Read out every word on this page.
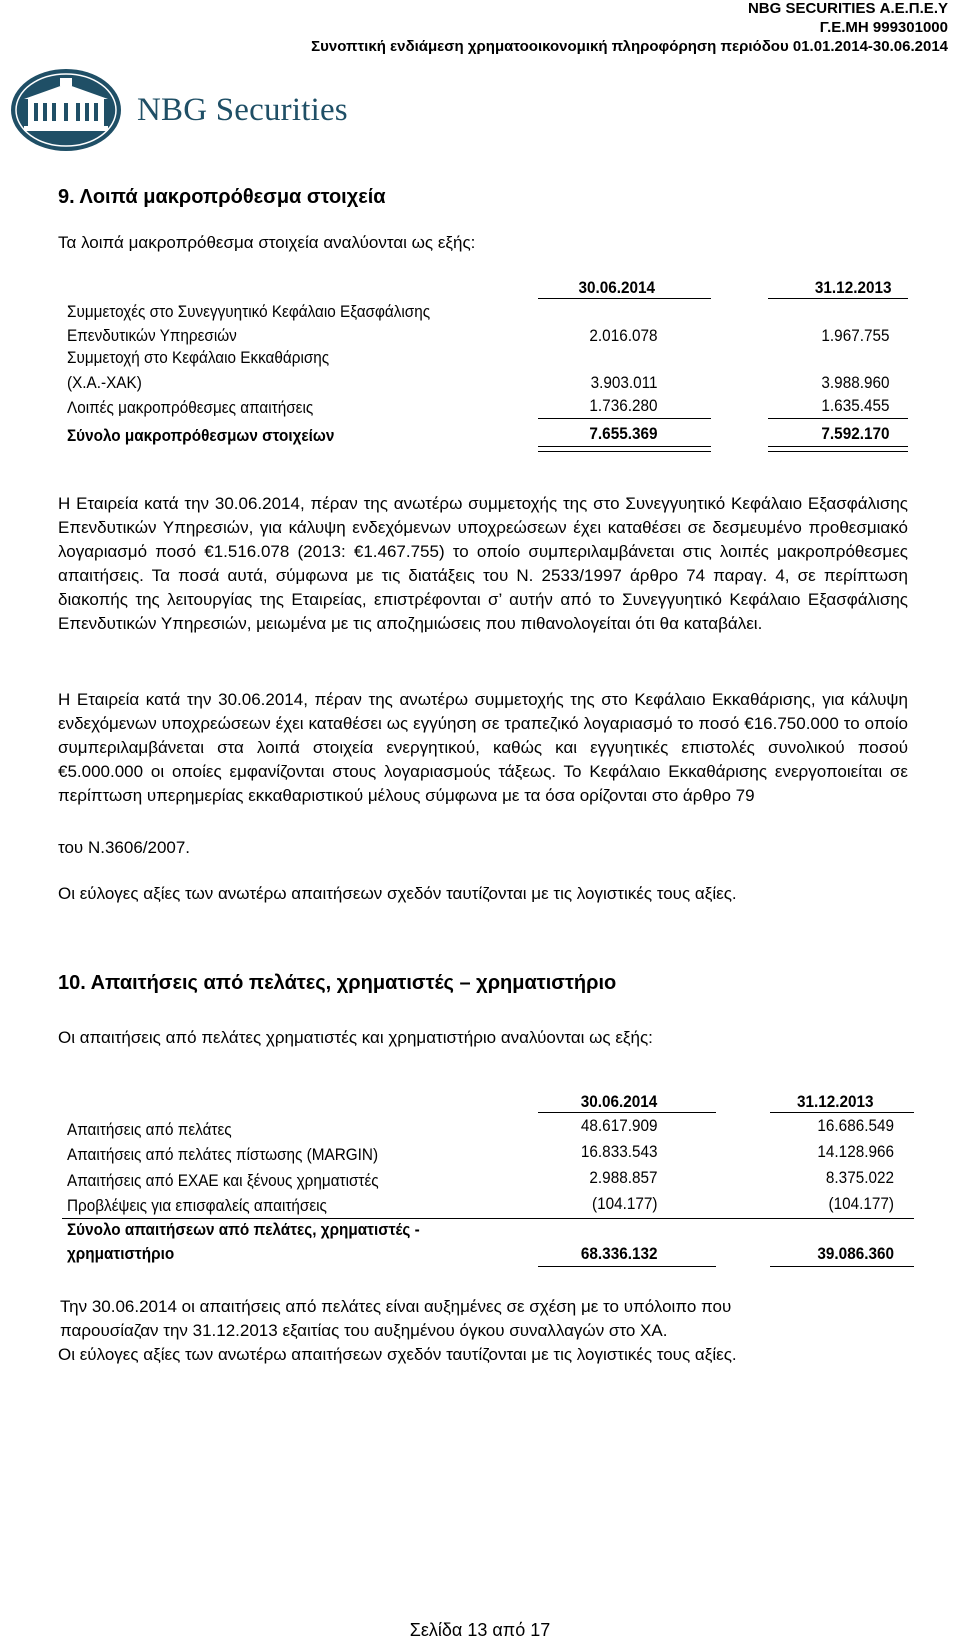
NBG SECURITIES Α.Ε.Π.Ε.Υ
Γ.Ε.ΜΗ 999301000
Συνοπτική ενδιάμεση χρηματοοικονομική πληροφόρηση περιόδου 01.01.2014-30.06.2014
NBG Securities
9. Λοιπά μακροπρόθεσμα στοιχεία
Τα λοιπά μακροπρόθεσμα στοιχεία αναλύονται ως εξής:
30.06.2014	31.12.2013
Συμμετοχές στο Συνεγγυητικό Κεφάλαιο Εξασφάλισης
Επενδυτικών Υπηρεσιών	2.016.078	1.967.755
Συμμετοχή στο Κεφάλαιο Εκκαθάρισης
(Χ.Α.-ΧΑΚ)	3.903.011	3.988.960
Λοιπές μακροπρόθεσμες απαιτήσεις	1.736.280	1.635.455
Σύνολο μακροπρόθεσμων στοιχείων	7.655.369	7.592.170

Η Εταιρεία κατά την 30.06.2014, πέραν της ανωτέρω συμμετοχής της στο Συνεγγυητικό Κεφάλαιο Εξασφάλισης Επενδυτικών Υπηρεσιών, για κάλυψη ενδεχόμενων υποχρεώσεων έχει καταθέσει σε δεσμευμένο προθεσμιακό λογαριασμό ποσό €1.516.078 (2013: €1.467.755) το οποίο συμπεριλαμβάνεται στις λοιπές μακροπρόθεσμες απαιτήσεις. Τα ποσά αυτά, σύμφωνα με τις διατάξεις του Ν. 2533/1997 άρθρο 74 παραγ. 4, σε περίπτωση διακοπής της λειτουργίας της Εταιρείας, επιστρέφονται σ’ αυτήν από το Συνεγγυητικό Κεφάλαιο Εξασφάλισης Επενδυτικών Υπηρεσιών, μειωμένα με τις αποζημιώσεις που πιθανολογείται ότι θα καταβάλει.

Η Εταιρεία κατά την 30.06.2014, πέραν της ανωτέρω συμμετοχής της στο Κεφάλαιο Εκκαθάρισης, για κάλυψη ενδεχόμενων υποχρεώσεων έχει καταθέσει ως εγγύηση σε τραπεζικό λογαριασμό το ποσό €16.750.000 το οποίο συμπεριλαμβάνεται στα λοιπά στοιχεία ενεργητικού, καθώς και εγγυητικές επιστολές συνολικού ποσού €5.000.000 οι οποίες εμφανίζονται στους λογαριασμούς τάξεως. Το Κεφάλαιο Εκκαθάρισης ενεργοποιείται σε περίπτωση υπερημερίας εκκαθαριστικού μέλους σύμφωνα με τα όσα ορίζονται στο άρθρο 79

του Ν.3606/2007.

Οι εύλογες αξίες των ανωτέρω απαιτήσεων σχεδόν ταυτίζονται με τις λογιστικές τους αξίες.

10. Απαιτήσεις από πελάτες, χρηματιστές – χρηματιστήριο
Οι απαιτήσεις από πελάτες χρηματιστές και χρηματιστήριο αναλύονται ως εξής:
30.06.2014	31.12.2013
Απαιτήσεις από πελάτες	48.617.909	16.686.549
Απαιτήσεις από πελάτες πίστωσης (MARGIN)	16.833.543	14.128.966
Απαιτήσεις από ΕΧΑΕ και ξένους χρηματιστές	2.988.857	8.375.022
Προβλέψεις για επισφαλείς απαιτήσεις	(104.177)	(104.177)
Σύνολο απαιτήσεων από πελάτες, χρηματιστές -
χρηματιστήριο	68.336.132	39.086.360

Την 30.06.2014 οι απαιτήσεις από πελάτες είναι αυξημένες σε σχέση με το υπόλοιπο που

παρουσίαζαν την 31.12.2013 εξαιτίας του αυξημένου όγκου συναλλαγών στο ΧΑ.

Οι εύλογες αξίες των ανωτέρω απαιτήσεων σχεδόν ταυτίζονται με τις λογιστικές τους αξίες.

Σελίδα 13 από 17
